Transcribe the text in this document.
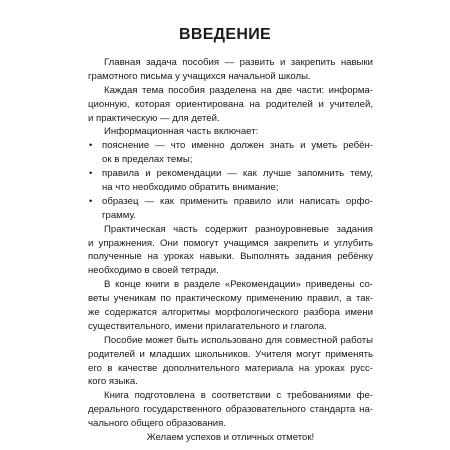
ВВЕДЕНИЕ
Главная задача пособия — развить и закрепить навыки
грамотного письма у учащихся начальной школы.
Каждая тема пособия разделена на две части: информа-
ционную, которая ориентирована на родителей и учителей,
и практическую — для детей.
Информационная часть включает:
• пояснение — что именно должен знать и уметь ребён-
ок в пределах темы;
• правила и рекомендации — как лучше запомнить тему,
на что необходимо обратить внимание;
• образец — как применить правило или написать орфо-
грамму.
Практическая часть содержит разноуровневые задания
и упражнения. Они помогут учащимся закрепить и углубить
полученные на уроках навыки. Выполнять задания ребёнку
необходимо в своей тетради.
В конце книги в разделе «Рекомендации» приведены со-
веты ученикам по практическому применению правил, а так-
же содержатся алгоритмы морфологического разбора имени
существительного, имени прилагательного и глагола.
Пособие может быть использовано для совместной работы
родителей и младших школьников. Учителя могут применять
его в качестве дополнительного материала на уроках русс-
кого языка.
Книга подготовлена в соответствии с требованиями фе-
дерального государственного образовательного стандарта на-
чального общего образования.
Желаем успехов и отличных отметок!
